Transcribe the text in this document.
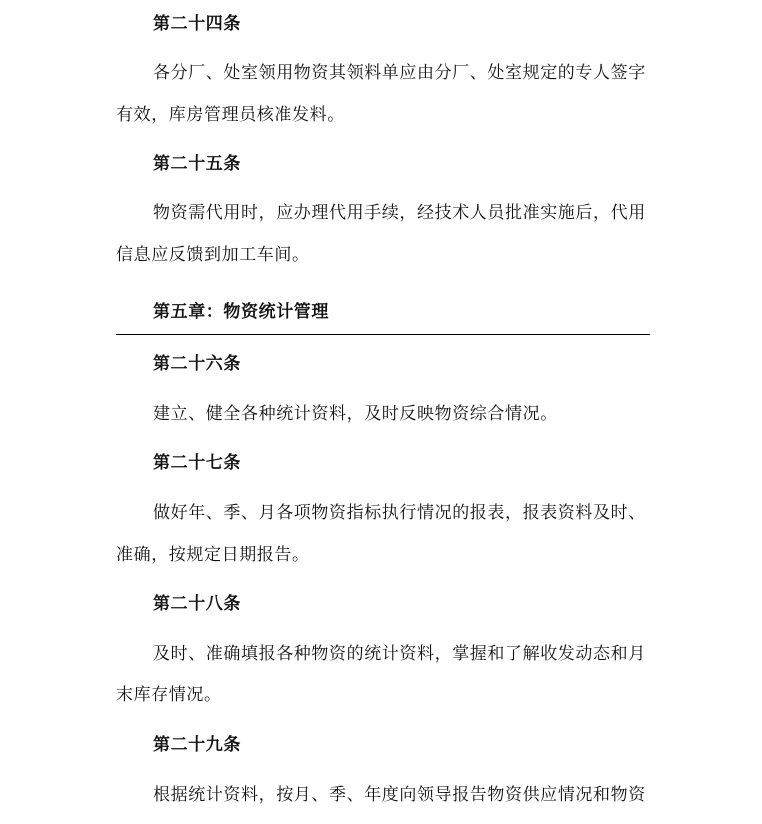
第二十四条
各分厂、处室领用物资其领料单应由分厂、处室规定的专人签字
有效，库房管理员核准发料。
第二十五条
物资需代用时，应办理代用手续，经技术人员批准实施后，代用
信息应反馈到加工车间。
第五章：物资统计管理
第二十六条
建立、健全各种统计资料，及时反映物资综合情况。
第二十七条
做好年、季、月各项物资指标执行情况的报表，报表资料及时、
准确，按规定日期报告。
第二十八条
及时、准确填报各种物资的统计资料，掌握和了解收发动态和月
末库存情况。
第二十九条
根据统计资料，按月、季、年度向领导报告物资供应情况和物资
